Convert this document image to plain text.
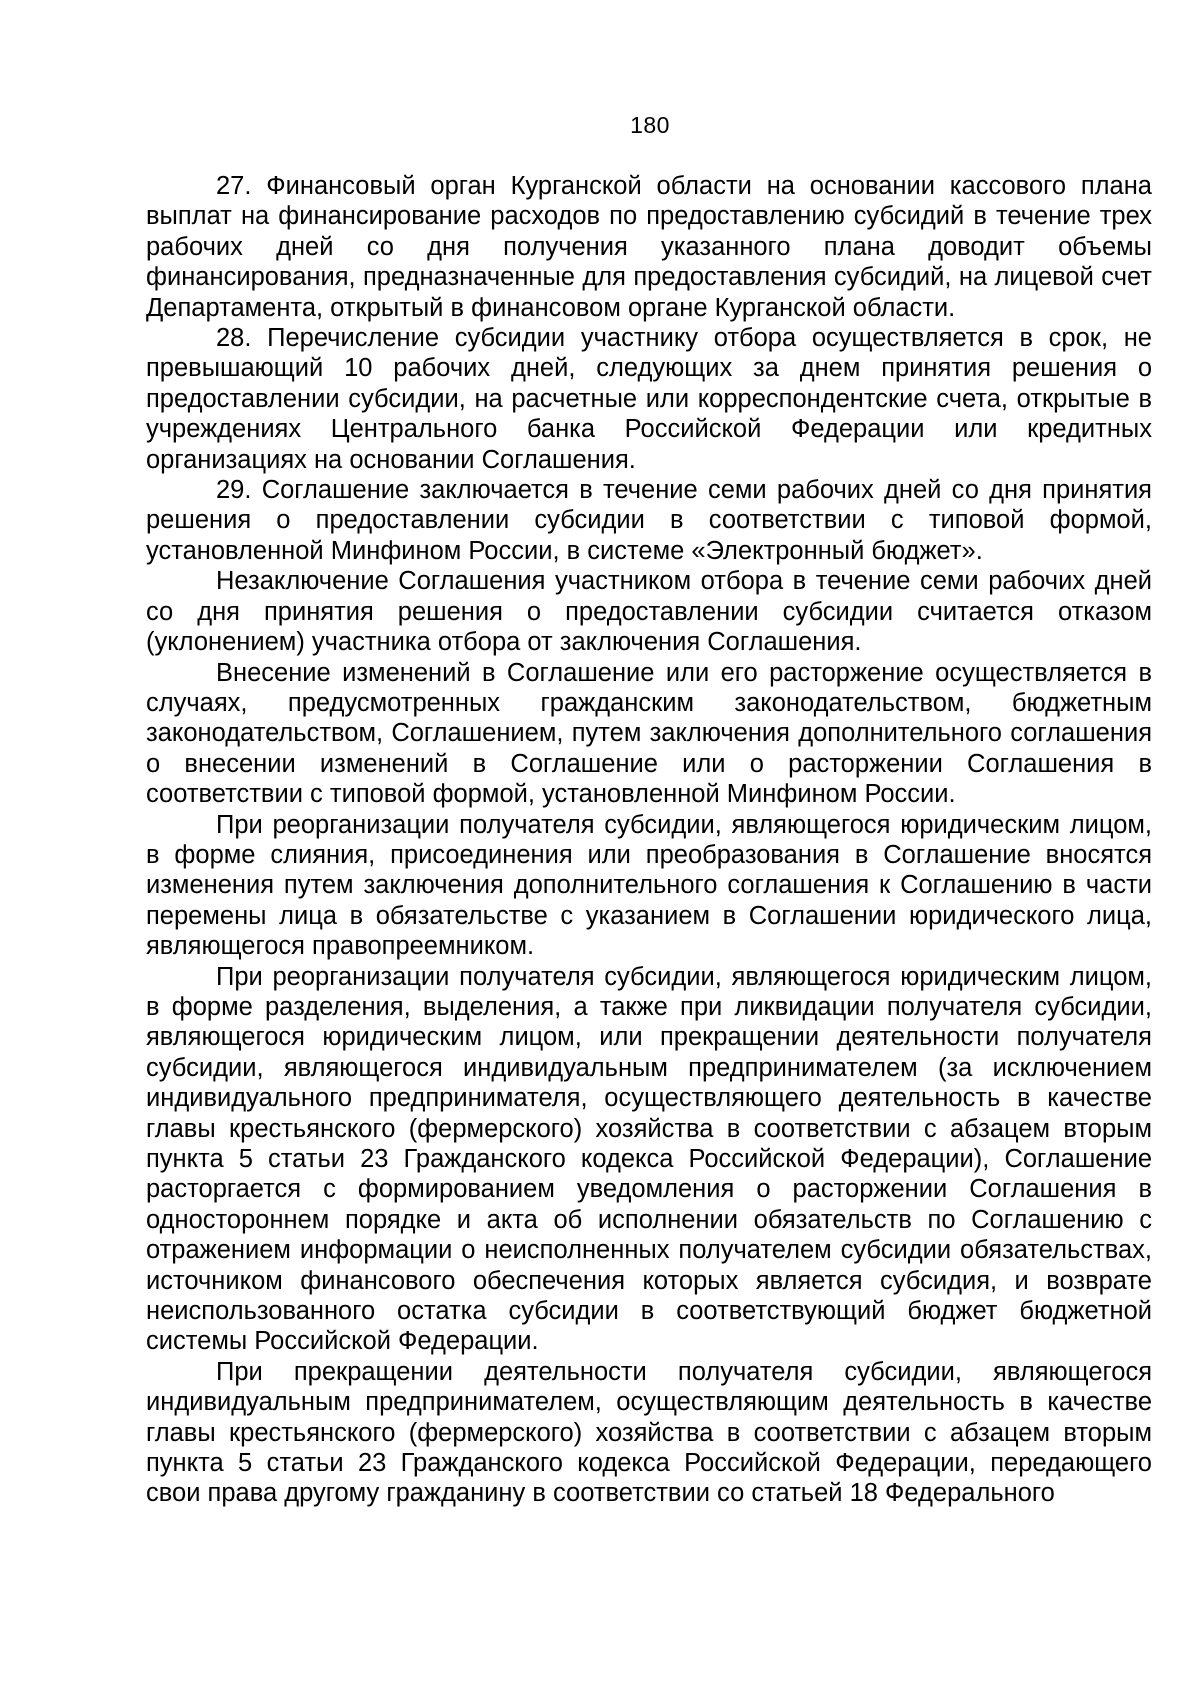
180

27. Финансовый орган Курганской области на основании кассового плана выплат на финансирование расходов по предоставлению субсидий в течение трех рабочих дней со дня получения указанного плана доводит объемы финансирования, предназначенные для предоставления субсидий, на лицевой счет Департамента, открытый в финансовом органе Курганской области.

28. Перечисление субсидии участнику отбора осуществляется в срок, не превышающий 10 рабочих дней, следующих за днем принятия решения о предоставлении субсидии, на расчетные или корреспондентские счета, открытые в учреждениях Центрального банка Российской Федерации или кредитных организациях на основании Соглашения.

29. Соглашение заключается в течение семи рабочих дней со дня принятия решения о предоставлении субсидии в соответствии с типовой формой, установленной Минфином России, в системе «Электронный бюджет».

Незаключение Соглашения участником отбора в течение семи рабочих дней со дня принятия решения о предоставлении субсидии считается отказом (уклонением) участника отбора от заключения Соглашения.

Внесение изменений в Соглашение или его расторжение осуществляется в случаях, предусмотренных гражданским законодательством, бюджетным законодательством, Соглашением, путем заключения дополнительного соглашения о внесении изменений в Соглашение или о расторжении Соглашения в соответствии с типовой формой, установленной Минфином России.

При реорганизации получателя субсидии, являющегося юридическим лицом, в форме слияния, присоединения или преобразования в Соглашение вносятся изменения путем заключения дополнительного соглашения к Соглашению в части перемены лица в обязательстве с указанием в Соглашении юридического лица, являющегося правопреемником.

При реорганизации получателя субсидии, являющегося юридическим лицом, в форме разделения, выделения, а также при ликвидации получателя субсидии, являющегося юридическим лицом, или прекращении деятельности получателя субсидии, являющегося индивидуальным предпринимателем (за исключением индивидуального предпринимателя, осуществляющего деятельность в качестве главы крестьянского (фермерского) хозяйства в соответствии с абзацем вторым пункта 5 статьи 23 Гражданского кодекса Российской Федерации), Соглашение расторгается с формированием уведомления о расторжении Соглашения в одностороннем порядке и акта об исполнении обязательств по Соглашению с отражением информации о неисполненных получателем субсидии обязательствах, источником финансового обеспечения которых является субсидия, и возврате неиспользованного остатка субсидии в соответствующий бюджет бюджетной системы Российской Федерации.

При прекращении деятельности получателя субсидии, являющегося индивидуальным предпринимателем, осуществляющим деятельность в качестве главы крестьянского (фермерского) хозяйства в соответствии с абзацем вторым пункта 5 статьи 23 Гражданского кодекса Российской Федерации, передающего свои права другому гражданину в соответствии со статьей 18 Федерального
